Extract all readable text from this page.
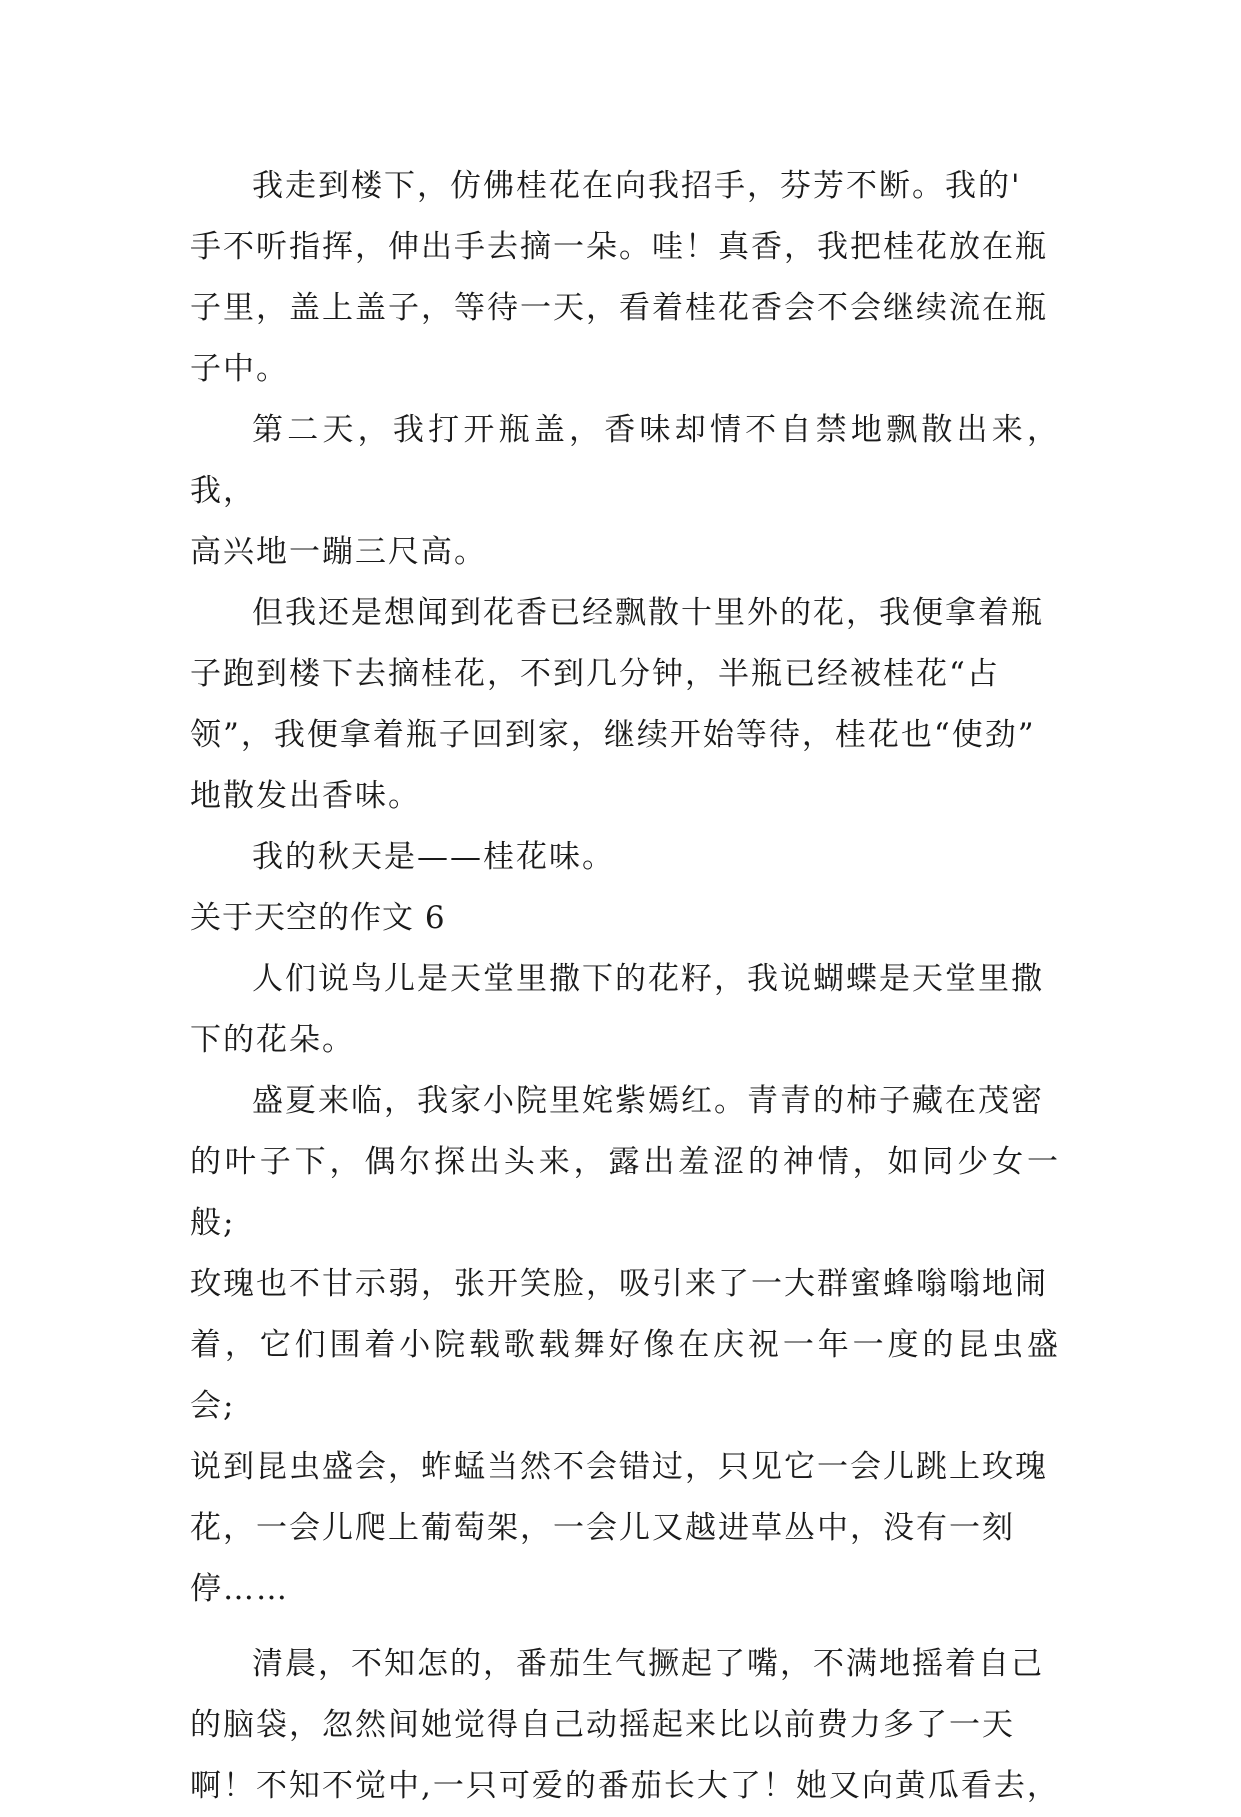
我走到楼下，仿佛桂花在向我招手，芬芳不断。我的'
手不听指挥，伸出手去摘一朵。哇！真香，我把桂花放在瓶
子里，盖上盖子，等待一天，看着桂花香会不会继续流在瓶
子中。

第二天，我打开瓶盖，香味却情不自禁地飘散出来，我，
高兴地一蹦三尺高。

但我还是想闻到花香已经飘散十里外的花，我便拿着瓶
子跑到楼下去摘桂花，不到几分钟，半瓶已经被桂花“占
领”，我便拿着瓶子回到家，继续开始等待，桂花也“使劲”
地散发出香味。

我的秋天是——桂花味。

关于天空的作文 6

人们说鸟儿是天堂里撒下的花籽，我说蝴蝶是天堂里撒
下的花朵。

盛夏来临，我家小院里姹紫嫣红。青青的柿子藏在茂密
的叶子下，偶尔探出头来，露出羞涩的神情，如同少女一般;
玫瑰也不甘示弱，张开笑脸，吸引来了一大群蜜蜂嗡嗡地闹
着，它们围着小院载歌载舞好像在庆祝一年一度的昆虫盛会;
说到昆虫盛会，蚱蜢当然不会错过，只见它一会儿跳上玫瑰
花，一会儿爬上葡萄架，一会儿又越进草丛中，没有一刻
停……

清晨，不知怎的，番茄生气撅起了嘴，不满地摇着自己
的脑袋，忽然间她觉得自己动摇起来比以前费力多了一天
啊！不知不觉中,一只可爱的番茄长大了！她又向黄瓜看去，
